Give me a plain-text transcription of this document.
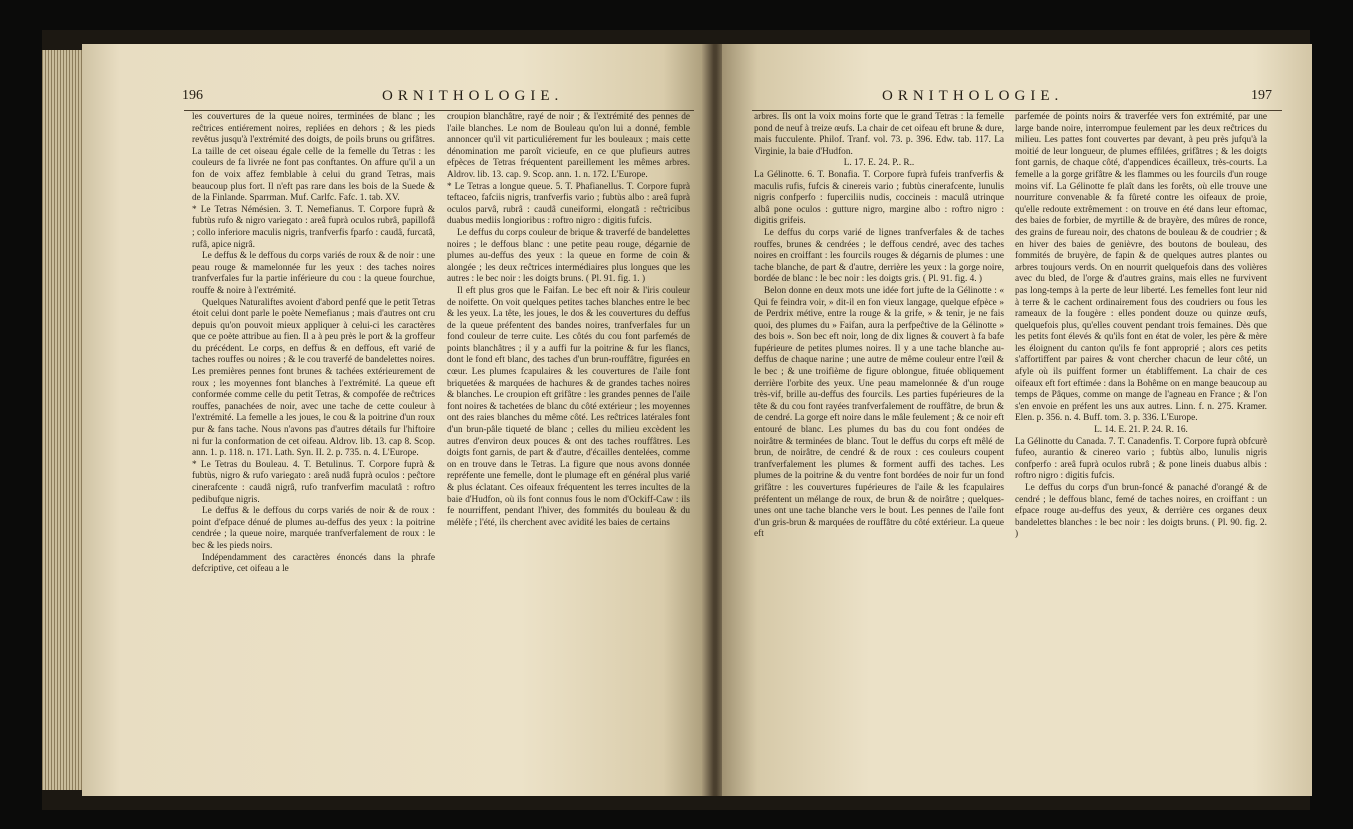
196	ORNITHOLOGIE.

les couvertures de la queue noires, terminées de blanc ; les reĉtrices entiérement noires, repliées en dehors ; & les pieds revêtus jusqu'à l'extrémité des doigts, de poils bruns ou grifâtres. La taille de cet oiseau égale celle de la femelle du Tetras : les couleurs de fa livrée ne font pas conftantes. On affure qu'il a un fon de voix affez femblable à celui du grand Tetras, mais beaucoup plus fort. Il n'eft pas rare dans les bois de la Suede & de la Finlande. Sparrman. Muf. Carlfc. Fafc. 1. tab. XV.

* Le Tetras Némésien. 3. T. Nemefianus. T. Corpore fuprà & fubtùs rufo & nigro variegato : areâ fuprà oculos rubrâ, papillofâ ; collo inferiore maculis nigris, tranfverfis fparfo : caudâ, furcatâ, rufâ, apice nigrâ.

Le deffus & le deffous du corps variés de roux & de noir : une peau rouge & mamelonnée fur les yeux : des taches noires tranfverfales fur la partie inférieure du cou : la queue fourchue, rouffe & noire à l'extrémité.

Quelques Naturaliftes avoient d'abord penfé que le petit Tetras étoit celui dont parle le poète Nemefianus ; mais d'autres ont cru depuis qu'on pouvoit mieux appliquer à celui-ci les caractères que ce poète attribue au fien. Il a à peu près le port & la groffeur du précédent. Le corps, en deffus & en deffous, eft varié de taches rouffes ou noires ; & le cou traverfé de bandelettes noires. Les premières pennes font brunes & tachées extérieurement de roux ; les moyennes font blanches à l'extrémité. La queue eft conformée comme celle du petit Tetras, & compofée de reĉtrices rouffes, panachées de noir, avec une tache de cette couleur à l'extrémité. La femelle a les joues, le cou & la poitrine d'un roux pur & fans tache. Nous n'avons pas d'autres détails fur l'hiftoire ni fur la conformation de cet oifeau. Aldrov. lib. 13. cap 8. Scop. ann. 1. p. 118. n. 171. Lath. Syn. II. 2. p. 735. n. 4. L'Europe.

* Le Tetras du Bouleau. 4. T. Betulinus. T. Corpore fuprà & fubtùs, nigro & rufo variegato : areâ nudâ fuprà oculos : peĉtore cinerafcente : caudâ nigrâ, rufo tranfverfim maculatâ : roftro pedibufque nigris.

Le deffus & le deffous du corps variés de noir & de roux : point d'efpace dénué de plumes au-deffus des yeux : la poitrine cendrée ; la queue noire, marquée tranfverfalement de roux : le bec & les pieds noirs.

Indépendamment des caractères énoncés dans la phrafe defcriptive, cet oifeau a le

croupion blanchâtre, rayé de noir ; & l'extrémité des pennes de l'aile blanches. Le nom de Bouleau qu'on lui a donné, femble annoncer qu'il vit particuliérement fur les bouleaux ; mais cette dénomination me paroît vicieufe, en ce que plufieurs autres efpèces de Tetras fréquentent pareillement les mêmes arbres. Aldrov. lib. 13. cap. 9. Scop. ann. 1. n. 172. L'Europe.

* Le Tetras a longue queue. 5. T. Phafianellus. T. Corpore fuprà teftaceo, fafciis nigris, tranfverfis vario ; fubtùs albo : areâ fuprà oculos parvâ, rubrâ : caudâ cuneiformi, elongatâ : reĉtricibus duabus mediis longioribus : roftro nigro : digitis fufcis.

Le deffus du corps couleur de brique & traverfé de bandelettes noires ; le deffous blanc : une petite peau rouge, dégarnie de plumes au-deffus des yeux : la queue en forme de coin & alongée ; les deux reĉtrices intermédiaires plus longues que les autres : le bec noir : les doigts bruns. ( Pl. 91. fig. 1. )

Il eft plus gros que le Faifan. Le bec eft noir & l'iris couleur de noifette. On voit quelques petites taches blanches entre le bec & les yeux. La tête, les joues, le dos & les couvertures du deffus de la queue préfentent des bandes noires, tranfverfales fur un fond couleur de terre cuite. Les côtés du cou font parfemés de points blanchâtres ; il y a auffi fur la poitrine & fur les flancs, dont le fond eft blanc, des taches d'un brun-rouffâtre, figurées en cœur. Les plumes fcapulaires & les couvertures de l'aile font briquetées & marquées de hachures & de grandes taches noires & blanches. Le croupion eft grifâtre : les grandes pennes de l'aile font noires & tachetées de blanc du côté extérieur ; les moyennes ont des raies blanches du même côté. Les reĉtrices latérales font d'un brun-pâle tiqueté de blanc ; celles du milieu excèdent les autres d'environ deux pouces & ont des taches rouffâtres. Les doigts font garnis, de part & d'autre, d'écailles dentelées, comme on en trouve dans le Tetras. La figure que nous avons donnée repréfente une femelle, dont le plumage eft en général plus varié & plus éclatant. Ces oifeaux fréquentent les terres incultes de la baie d'Hudfon, où ils font connus fous le nom d'Ockiff-Caw : ils fe nourriffent, pendant l'hiver, des fommités du bouleau & du mélèfe ; l'été, ils cherchent avec avidité les baies de certains

ORNITHOLOGIE.	197

arbres. Ils ont la voix moins forte que le grand Tetras : la femelle pond de neuf à treize œufs. La chair de cet oifeau eft brune & dure, mais fucculente. Philof. Tranf. vol. 73. p. 396. Edw. tab. 117. La Virginie, la baie d'Hudfon.

L. 17. E. 24. P.. R..

La Gélinotte. 6. T. Bonafia. T. Corpore fuprà fufeis tranfverfis & maculis rufis, fufcis & cinereis vario ; fubtùs cinerafcente, lunulis nigris confperfo : fuperciliis nudis, coccineis : maculâ utrinque albâ pone oculos : gutture nigro, margine albo : roftro nigro : digitis grifeis.

Le deffus du corps varié de lignes tranfverfales & de taches rouffes, brunes & cendrées ; le deffous cendré, avec des taches noires en croiffant : les fourcils rouges & dégarnis de plumes : une tache blanche, de part & d'autre, derrière les yeux : la gorge noire, bordée de blanc : le bec noir : les doigts gris. ( Pl. 91. fig. 4. )

Belon donne en deux mots une idée fort jufte de la Gélinotte : « Qui fe feindra voir, » dit-il en fon vieux langage, quelque efpèce » de Perdrix métive, entre la rouge & la grife, » & tenir, je ne fais quoi, des plumes du » Faifan, aura la perfpeĉtive de la Gélinotte » des bois ». Son bec eft noir, long de dix lignes & couvert à fa bafe fupérieure de petites plumes noires. Il y a une tache blanche au-deffus de chaque narine ; une autre de même couleur entre l'œil & le bec ; & une troifième de figure oblongue, fituée obliquement derrière l'orbite des yeux. Une peau mamelonnée & d'un rouge très-vif, brille au-deffus des fourcils. Les parties fupérieures de la tête & du cou font rayées tranfverfalement de rouffâtre, de brun & de cendré. La gorge eft noire dans le mâle feulement ; & ce noir eft entouré de blanc. Les plumes du bas du cou font ondées de noirâtre & terminées de blanc. Tout le deffus du corps eft mêlé de brun, de noirâtre, de cendré & de roux : ces couleurs coupent tranfverfalement les plumes & forment auffi des taches. Les plumes de la poitrine & du ventre font bordées de noir fur un fond grifâtre : les couvertures fupérieures de l'aile & les fcapulaires préfentent un mélange de roux, de brun & de noirâtre ; quelques-unes ont une tache blanche vers le bout. Les pennes de l'aile font d'un gris-brun & marquées de rouffâtre du côté extérieur. La queue eft

parfemée de points noirs & traverfée vers fon extrémité, par une large bande noire, interrompue feulement par les deux reĉtrices du milieu. Les pattes font couvertes par devant, à peu près jufqu'à la moitié de leur longueur, de plumes effilées, grifâtres ; & les doigts font garnis, de chaque côté, d'appendices écailleux, très-courts. La femelle a la gorge grifâtre & les flammes ou les fourcils d'un rouge moins vif. La Gélinotte fe plaît dans les forêts, où elle trouve une nourriture convenable & fa fûreté contre les oifeaux de proie, qu'elle redoute extrêmement : on trouve en été dans leur eftomac, des baies de forbier, de myrtille & de brayère, des mûres de ronce, des grains de fureau noir, des chatons de bouleau & de coudrier ; & en hiver des baies de genièvre, des boutons de bouleau, des fommités de bruyère, de fapin & de quelques autres plantes ou arbres toujours verds. On en nourrit quelquefois dans des volières avec du bled, de l'orge & d'autres grains, mais elles ne furvivent pas long-temps à la perte de leur liberté. Les femelles font leur nid à terre & le cachent ordinairement fous des coudriers ou fous les rameaux de la fougère : elles pondent douze ou quinze œufs, quelquefois plus, qu'elles couvent pendant trois femaines. Dès que les petits font élevés & qu'ils font en état de voler, les père & mère les éloignent du canton qu'ils fe font approprié ; alors ces petits s'affortiffent par paires & vont chercher chacun de leur côté, un afyle où ils puiffent former un établiffement. La chair de ces oifeaux eft fort eftimée : dans la Bohême on en mange beaucoup au temps de Pâques, comme on mange de l'agneau en France ; & l'on s'en envoie en préfent les uns aux autres. Linn. f. n. 275. Kramer. Elen. p. 356. n. 4. Buff. tom. 3. p. 336. L'Europe.

L. 14. E. 21. P. 24. R. 16.

La Gélinotte du Canada. 7. T. Canadenfis. T. Corpore fuprà obfcurè fufeo, aurantio & cinereo vario ; fubtùs albo, lunulis nigris confperfo : areâ fuprà oculos rubrâ ; & pone lineis duabus albis : roftro nigro : digitis fufcis.

Le deffus du corps d'un brun-foncé & panaché d'orangé & de cendré ; le deffous blanc, femé de taches noires, en croiffant : un efpace rouge au-deffus des yeux, & derrière ces organes deux bandelettes blanches : le bec noir : les doigts bruns. ( Pl. 90. fig. 2. )
